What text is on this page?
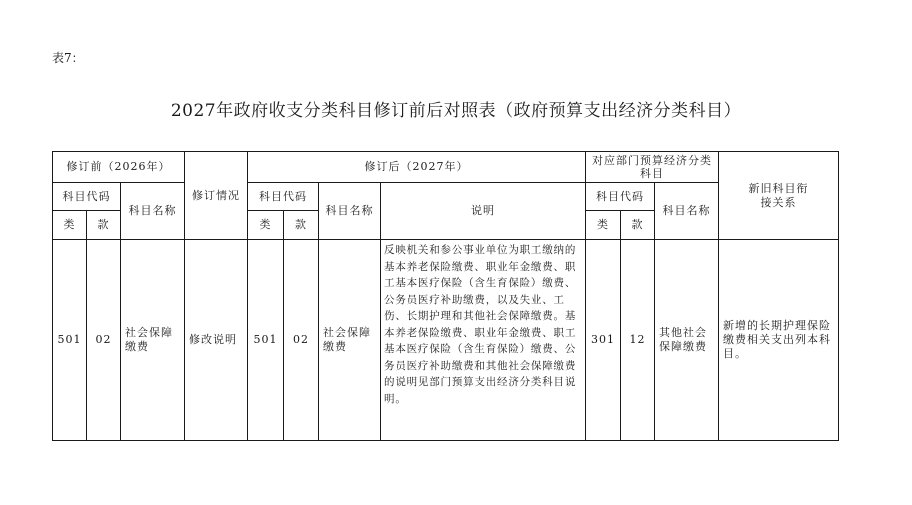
表7：
2027年政府收支分类科目修订前后对照表（政府预算支出经济分类科目）
修订前（2026年）			修订情况	修订后（2027年）				对应部门预算经济分类科目			新旧科目衔接关系
科目代码		科目名称		科目代码		科目名称	说明	科目代码		科目名称	
类	款			类	款			类	款		
501	02	社会保障缴费	修改说明	501	02	社会保障缴费	反映机关和参公事业单位为职工缴纳的基本养老保险缴费、职业年金缴费、职工基本医疗保险（含生育保险）缴费、公务员医疗补助缴费，以及失业、工伤、长期护理和其他社会保障缴费。基本养老保险缴费、职业年金缴费、职工基本医疗保险（含生育保险）缴费、公务员医疗补助缴费和其他社会保障缴费的说明见部门预算支出经济分类科目说明。	301	12	其他社会保障缴费	新增的长期护理保险缴费相关支出列本科目。
